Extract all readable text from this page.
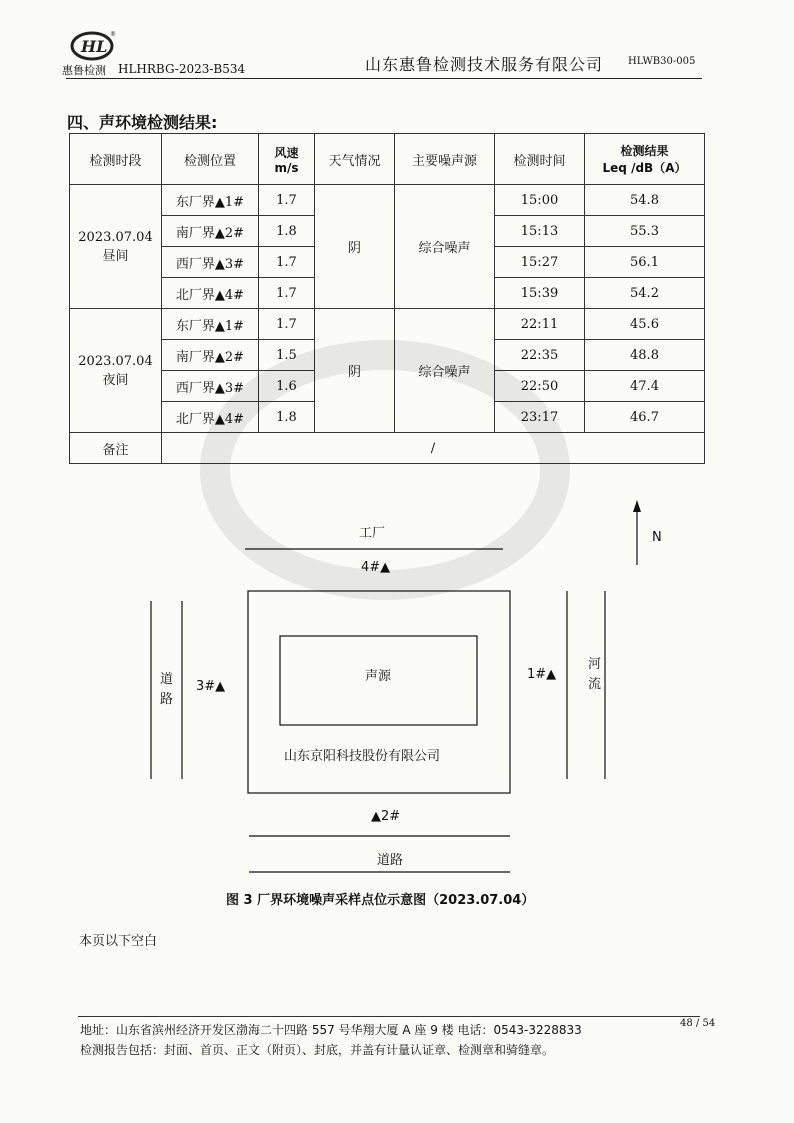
HL
®
惠鲁检测 HLHRBG-2023-B534	山东惠鲁检测技术服务有限公司 HLWB30-005
四、声环境检测结果:
检测时段	检测位置	风速
m/s	天气情况	主要噪声源	检测时间	检测结果
Leq /dB（A）
2023.07.04
昼间	东厂界▲1#	1.7	阴	综合噪声	15:00	54.8
	南厂界▲2#	1.8			15:13	55.3
	西厂界▲3#	1.7			15:27	56.1
	北厂界▲4#	1.7			15:39	54.2
2023.07.04
夜间	东厂界▲1#	1.7	阴	综合噪声	22:11	45.6
	南厂界▲2#	1.5			22:35	48.8
	西厂界▲3#	1.6			22:50	47.4
	北厂界▲4#	1.8			23:17	46.7
备注	/					
N
工厂
4#▲
声源
山东京阳科技股份有限公司
道路
3#▲
河流
1#▲
▲2#
道路
图 3 厂界环境噪声采样点位示意图（2023.07.04）
本页以下空白
48 / 54
地址：山东省滨州经济开发区渤海二十四路 557 号华翔大厦 A 座 9 楼 电话：0543-3228833
检测报告包括：封面、首页、正文（附页）、封底，并盖有计量认证章、检测章和骑缝章。
